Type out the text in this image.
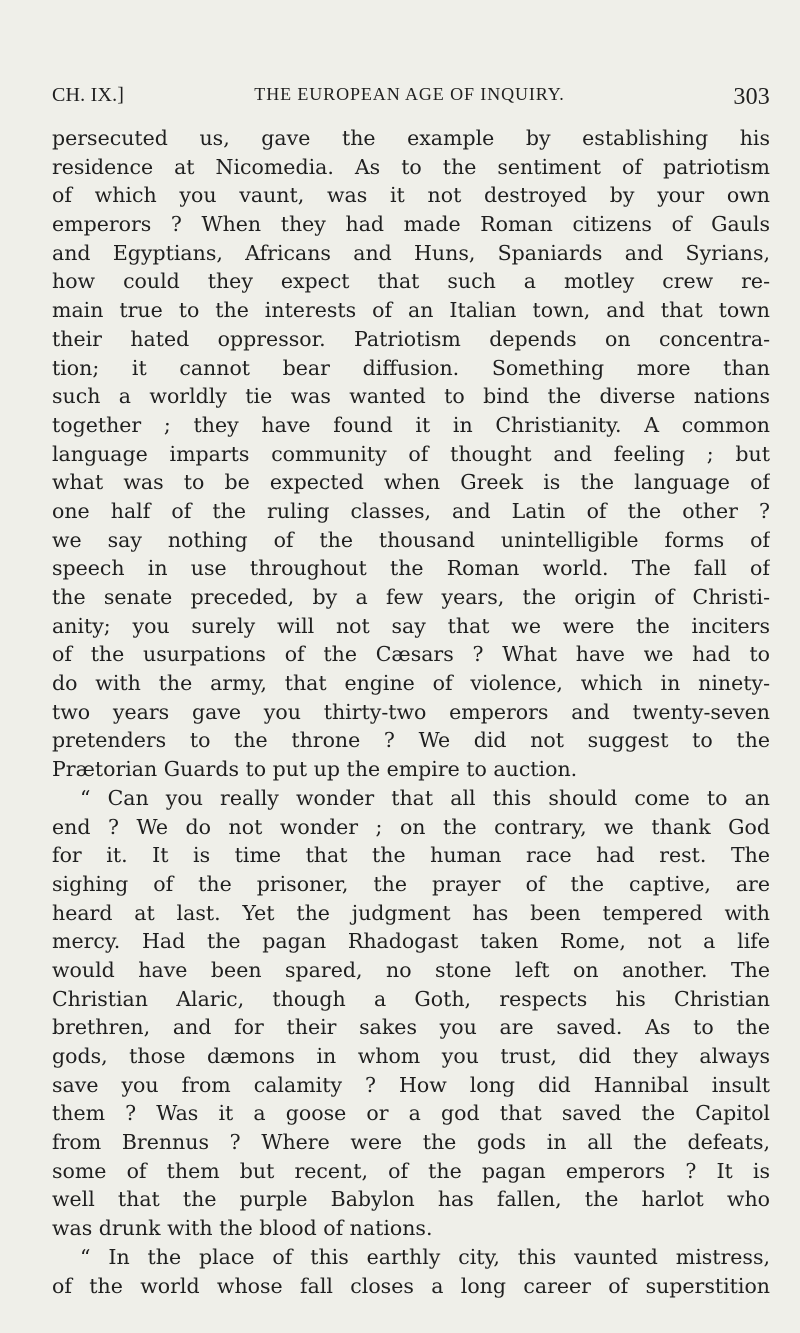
CH. IX.]	THE EUROPEAN AGE OF INQUIRY.	303
persecuted us, gave the example by establishing his
residence at Nicomedia. As to the sentiment of patriotism
of which you vaunt, was it not destroyed by your own
emperors ? When they had made Roman citizens of Gauls
and Egyptians, Africans and Huns, Spaniards and Syrians,
how could they expect that such a motley crew re-
main true to the interests of an Italian town, and that town
their hated oppressor. Patriotism depends on concentra-
tion; it cannot bear diffusion. Something more than
such a worldly tie was wanted to bind the diverse nations
together ; they have found it in Christianity. A common
language imparts community of thought and feeling ; but
what was to be expected when Greek is the language of
one half of the ruling classes, and Latin of the other ?
we say nothing of the thousand unintelligible forms of
speech in use throughout the Roman world. The fall of
the senate preceded, by a few years, the origin of Christi-
anity; you surely will not say that we were the inciters
of the usurpations of the Cæsars ? What have we had to
do with the army, that engine of violence, which in ninety-
two years gave you thirty-two emperors and twenty-seven
pretenders to the throne ? We did not suggest to the
Prætorian Guards to put up the empire to auction.
“ Can you really wonder that all this should come to an
end ? We do not wonder ; on the contrary, we thank God
for it. It is time that the human race had rest. The
sighing of the prisoner, the prayer of the captive, are
heard at last. Yet the judgment has been tempered with
mercy. Had the pagan Rhadogast taken Rome, not a life
would have been spared, no stone left on another. The
Christian Alaric, though a Goth, respects his Christian
brethren, and for their sakes you are saved. As to the
gods, those dæmons in whom you trust, did they always
save you from calamity ? How long did Hannibal insult
them ? Was it a goose or a god that saved the Capitol
from Brennus ? Where were the gods in all the defeats,
some of them but recent, of the pagan emperors ? It is
well that the purple Babylon has fallen, the harlot who
was drunk with the blood of nations.
“ In the place of this earthly city, this vaunted mistress,
of the world whose fall closes a long career of superstition
